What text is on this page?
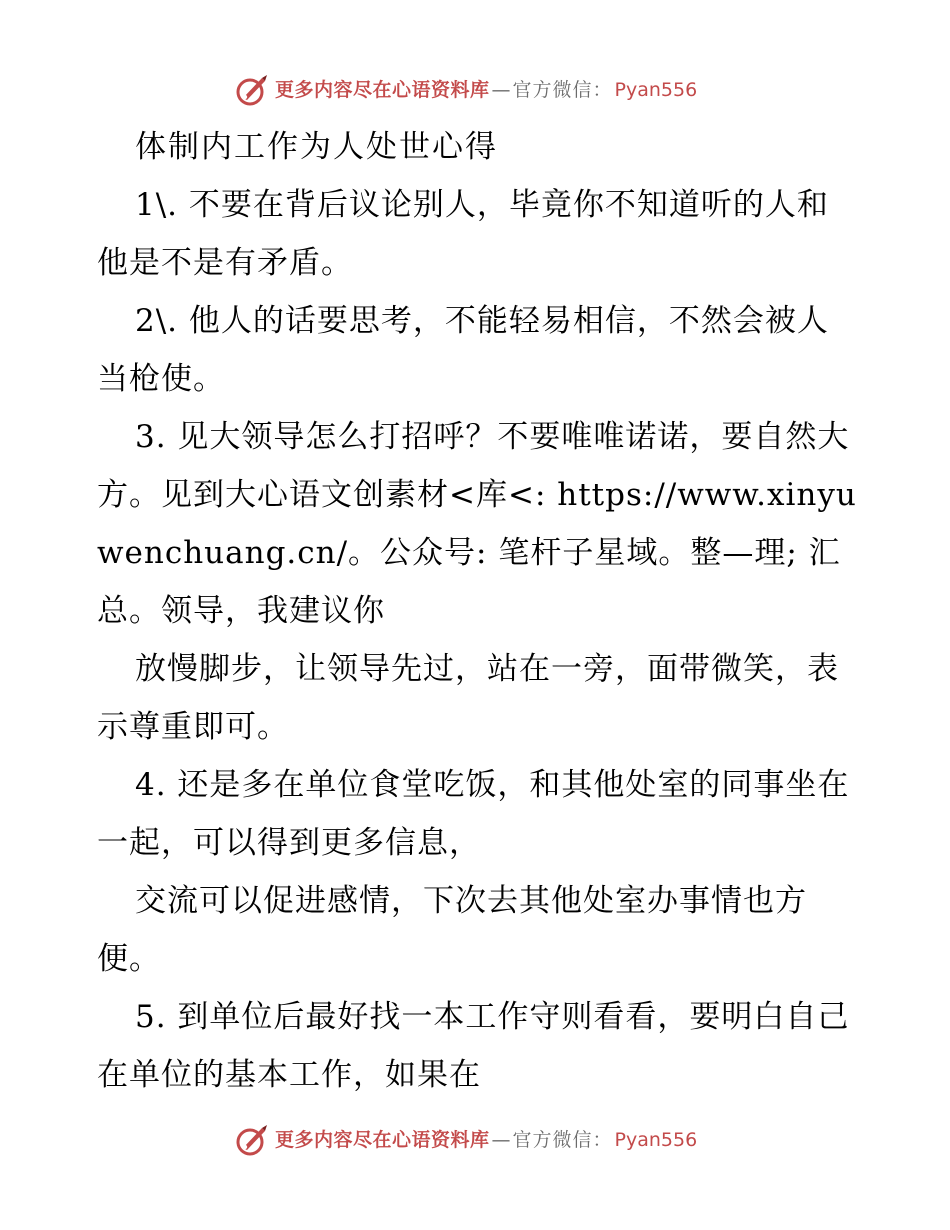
更多内容尽在心语资料库 — 官方微信： Pyan556

体制内工作为人处世心得

1\. 不要在背后议论别人，毕竟你不知道听的人和他是不是有矛盾。

2\. 他人的话要思考，不能轻易相信，不然会被人当枪使。

3. 见大领导怎么打招呼？不要唯唯诺诺，要自然大方。见到大心语文创素材<库<: https://www.xinyuwenchuang.cn/。公众号: 笔杆子星域。整—理; 汇总。领导，我建议你

放慢脚步，让领导先过，站在一旁，面带微笑，表示尊重即可。

4. 还是多在单位食堂吃饭，和其他处室的同事坐在一起，可以得到更多信息，

交流可以促进感情，下次去其他处室办事情也方便。

5. 到单位后最好找一本工作守则看看，要明白自己在单位的基本工作，如果在

更多内容尽在心语资料库 — 官方微信： Pyan556
